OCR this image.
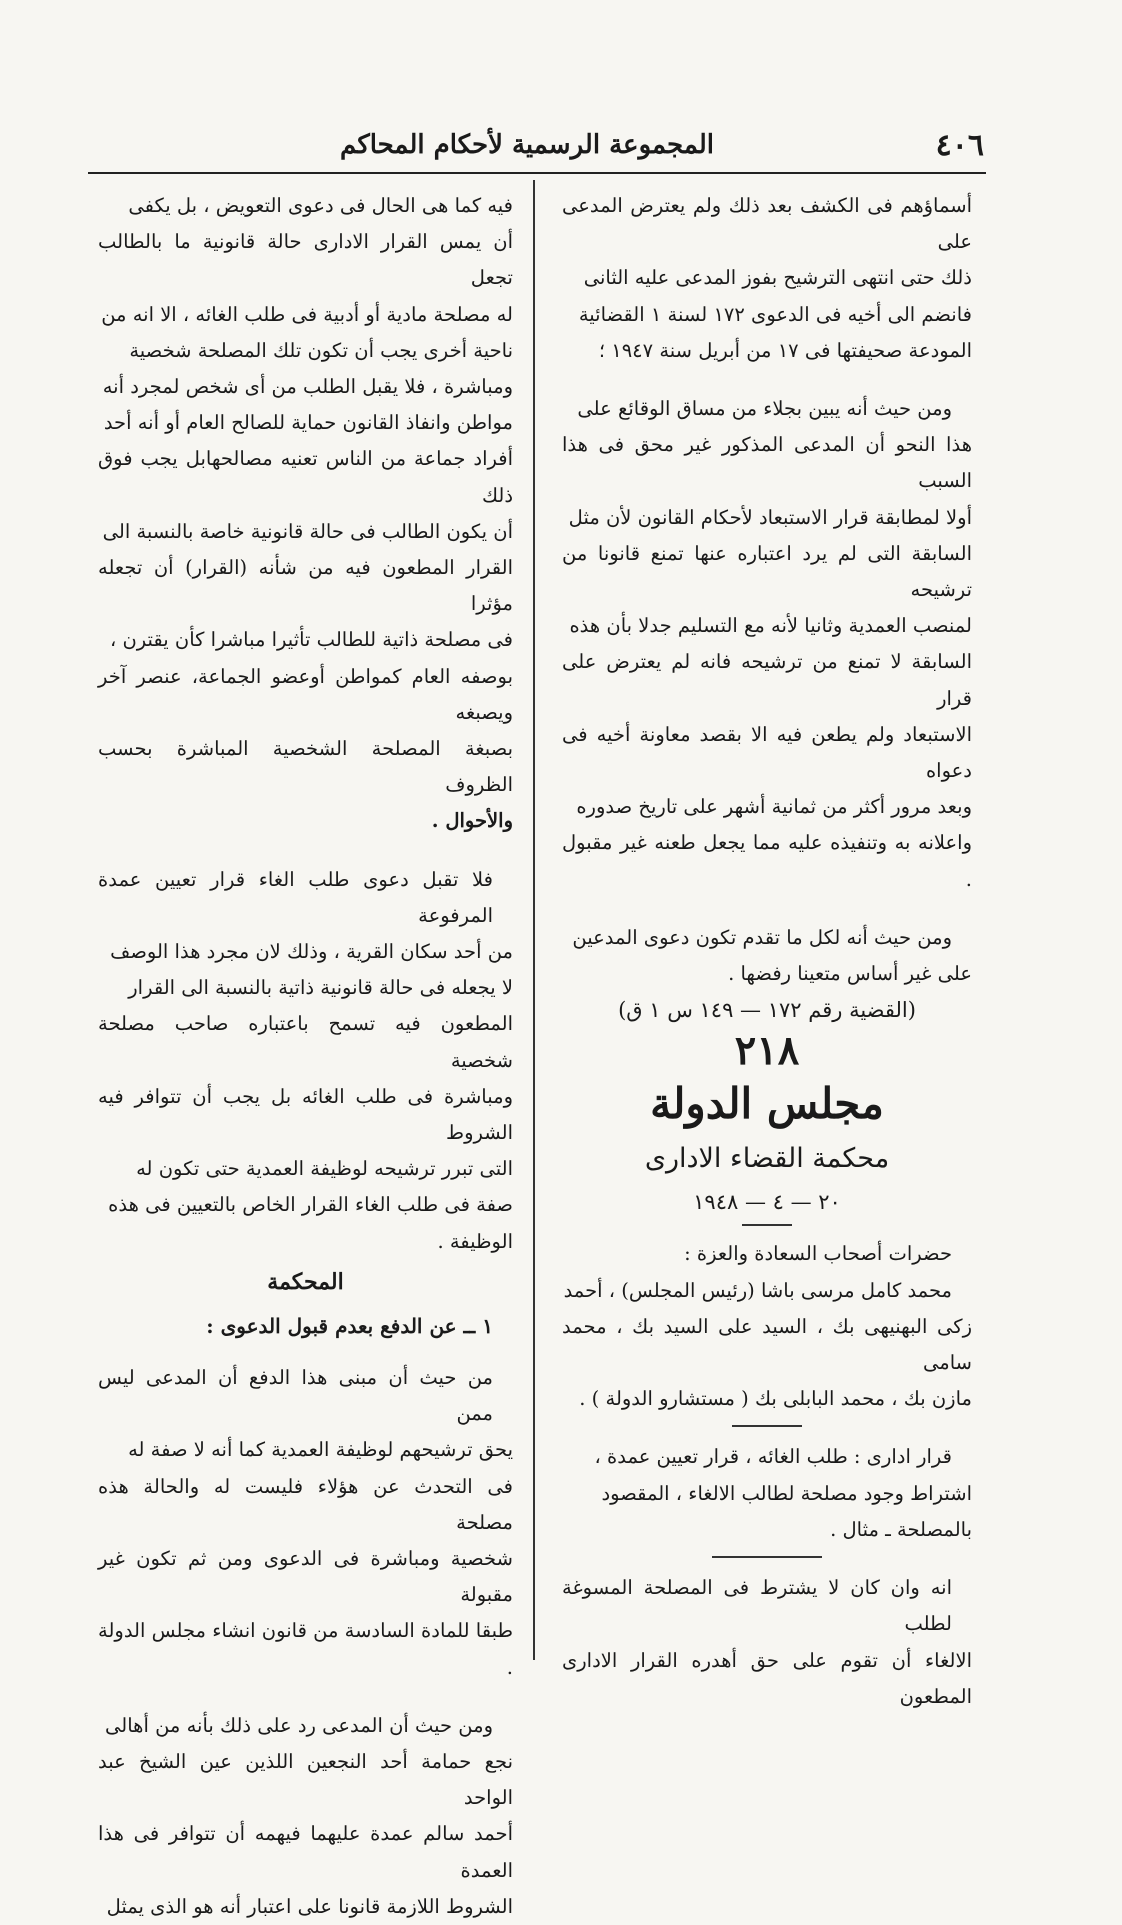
٤٠٦
المجموعة الرسمية لأحكام المحاكم

أسماؤهم فى الكشف بعد ذلك ولم يعترض المدعى على

ذلك حتى انتهى الترشيح بفوز المدعى عليه الثانى

فانضم الى أخيه فى الدعوى ١٧٢ لسنة ١ القضائية

المودعة صحيفتها فى ١٧ من أبريل سنة ١٩٤٧ ؛

ومن حيث أنه يبين بجلاء من مساق الوقائع على

هذا النحو أن المدعى المذكور غير محق فى هذا السبب

أولا لمطابقة قرار الاستبعاد لأحكام القانون لأن مثل

السابقة التى لم يرد اعتباره عنها تمنع قانونا من ترشيحه

لمنصب العمدية وثانيا لأنه مع التسليم جدلا بأن هذه

السابقة لا تمنع من ترشيحه فانه لم يعترض على قرار

الاستبعاد ولم يطعن فيه الا بقصد معاونة أخيه فى دعواه

وبعد مرور أكثر من ثمانية أشهر على تاريخ صدوره

واعلانه به وتنفيذه عليه مما يجعل طعنه غير مقبول .

ومن حيث أنه لكل ما تقدم تكون دعوى المدعين

على غير أساس متعينا رفضها .

(القضية رقم ١٧٢ — ١٤٩ س ١ ق)

٢١٨

مجلس الدولة

محكمة القضاء الادارى

٢٠ — ٤ — ١٩٤٨

حضرات أصحاب السعادة والعزة :

محمد كامل مرسى باشا (رئيس المجلس) ، أحمد

زكى البهنيهى بك ، السيد على السيد بك ، محمد سامى

مازن بك ، محمد البابلى بك ( مستشارو الدولة ) .

قرار ادارى : طلب الغائه ، قرار تعيين عمدة ،

اشتراط وجود مصلحة لطالب الالغاء ، المقصود

بالمصلحة ـ مثال .

انه وان كان لا يشترط فى المصلحة المسوغة لطلب

الالغاء أن تقوم على حق أهدره القرار الادارى المطعون

فيه كما هى الحال فى دعوى التعويض ، بل يكفى

أن يمس القرار الادارى حالة قانونية ما بالطالب تجعل

له مصلحة مادية أو أدبية فى طلب الغائه ، الا انه من

ناحية أخرى يجب أن تكون تلك المصلحة شخصية

ومباشرة ، فلا يقبل الطلب من أى شخص لمجرد أنه

مواطن وانفاذ القانون حماية للصالح العام أو أنه أحد

أفراد جماعة من الناس تعنيه مصالحهابل يجب فوق ذلك

أن يكون الطالب فى حالة قانونية خاصة بالنسبة الى

القرار المطعون فيه من شأنه (القرار) أن تجعله مؤثرا

فى مصلحة ذاتية للطالب تأثيرا مباشرا كأن يقترن ،

بوصفه العام كمواطن أوعضو الجماعة، عنصر آخر ويصبغه

بصبغة المصلحة الشخصية المباشرة بحسب الظروف

والأحوال .

فلا تقبل دعوى طلب الغاء قرار تعيين عمدة المرفوعة

من أحد سكان القرية ، وذلك لان مجرد هذا الوصف

لا يجعله فى حالة قانونية ذاتية بالنسبة الى القرار

المطعون فيه تسمح باعتباره صاحب مصلحة شخصية

ومباشرة فى طلب الغائه بل يجب أن تتوافر فيه الشروط

التى تبرر ترشيحه لوظيفة العمدية حتى تكون له

صفة فى طلب الغاء القرار الخاص بالتعيين فى هذه

الوظيفة .

المحكمة

١ ــ عن الدفع بعدم قبول الدعوى :

من حيث أن مبنى هذا الدفع أن المدعى ليس ممن

يحق ترشيحهم لوظيفة العمدية كما أنه لا صفة له

فى التحدث عن هؤلاء فليست له والحالة هذه مصلحة

شخصية ومباشرة فى الدعوى ومن ثم تكون غير مقبولة

طبقا للمادة السادسة من قانون انشاء مجلس الدولة .

ومن حيث أن المدعى رد على ذلك بأنه من أهالى

نجع حمامة أحد النجعين اللذين عين الشيخ عبد الواحد

أحمد سالم عمدة عليهما فيهمه أن تتوافر فى هذا العمدة

الشروط اللازمة قانونا على اعتبار أنه هو الذى يمثل
